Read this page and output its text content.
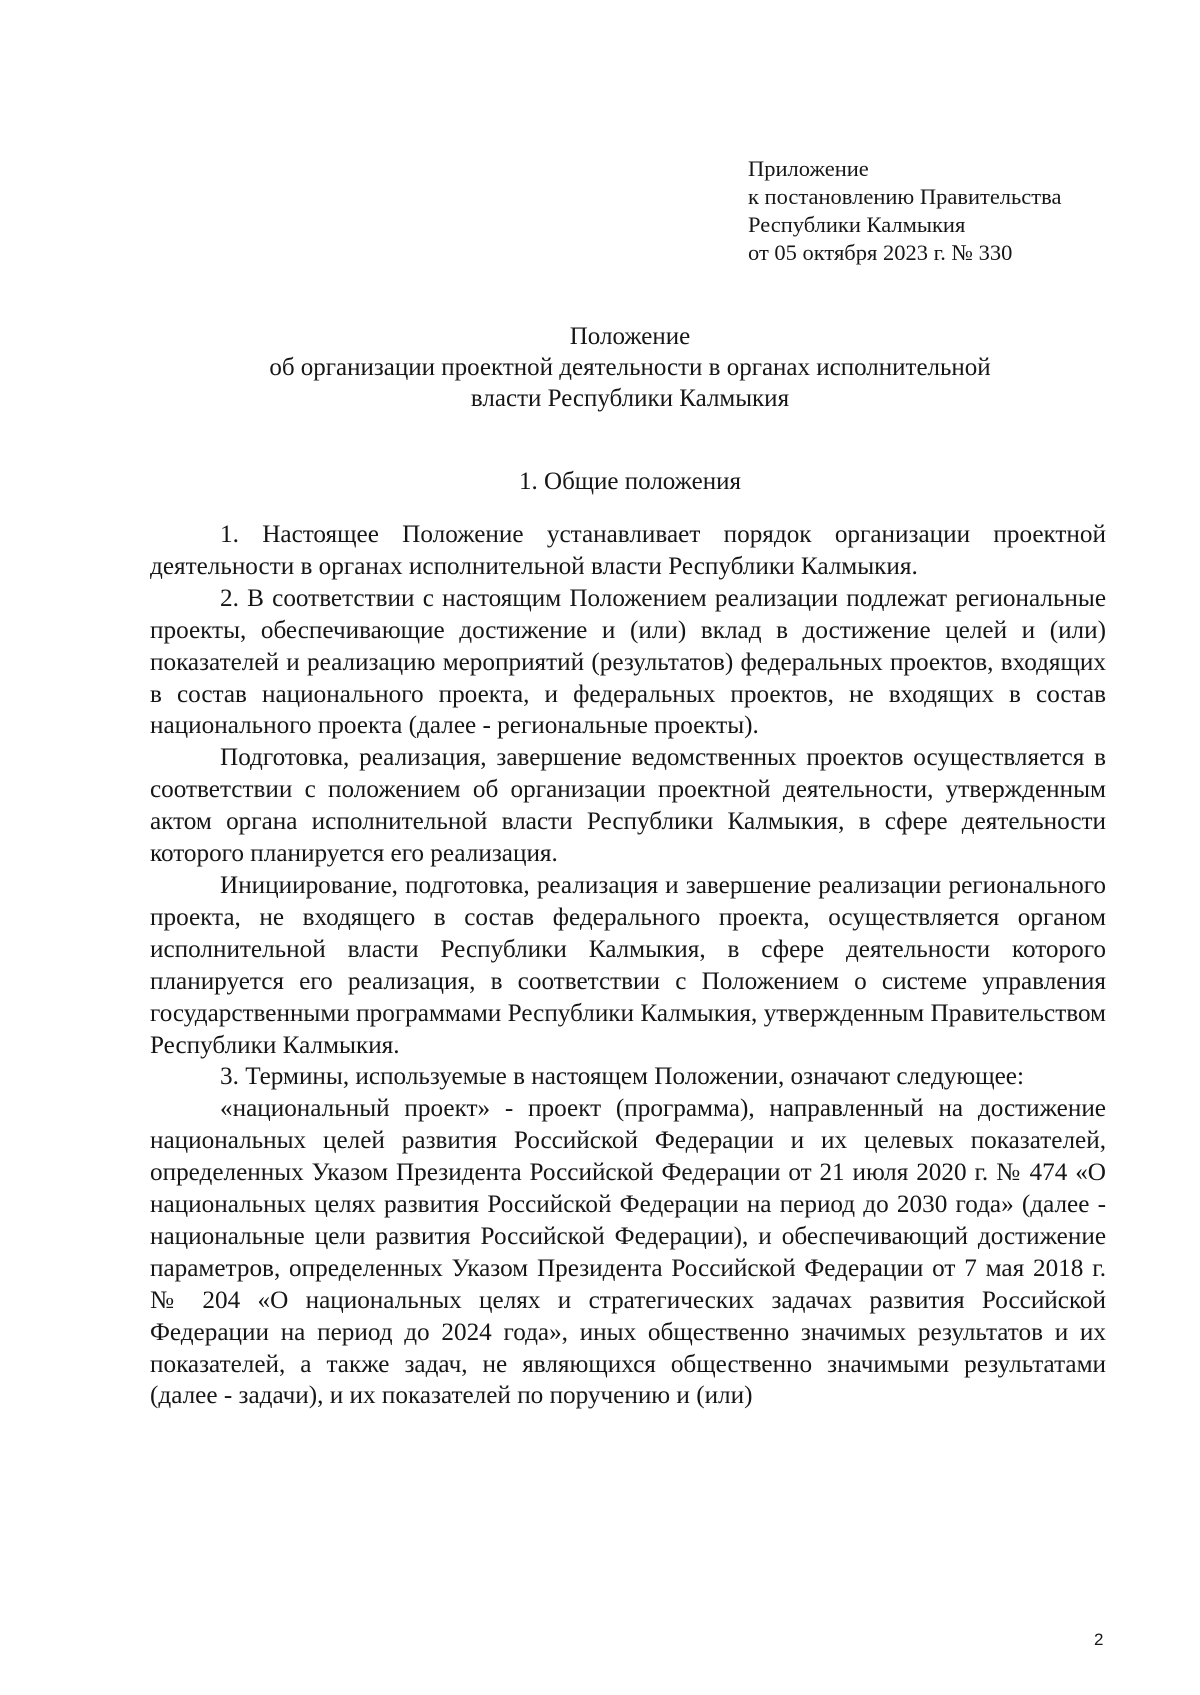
Приложение
к постановлению Правительства
Республики Калмыкия
от 05 октября 2023 г. № 330
Положение
об организации проектной деятельности в органах исполнительной
власти Республики Калмыкия
1. Общие положения

1. Настоящее Положение устанавливает порядок организации проектной деятельности в органах исполнительной власти Республики Калмыкия.

2. В соответствии с настоящим Положением реализации подлежат региональные проекты, обеспечивающие достижение и (или) вклад в достижение целей и (или) показателей и реализацию мероприятий (результатов) федеральных проектов, входящих в состав национального проекта, и федеральных проектов, не входящих в состав национального проекта (далее - региональные проекты).

Подготовка, реализация, завершение ведомственных проектов осуществляется в соответствии с положением об организации проектной деятельности, утвержденным актом органа исполнительной власти Республики Калмыкия, в сфере деятельности которого планируется его реализация.

Инициирование, подготовка, реализация и завершение реализации регионального проекта, не входящего в состав федерального проекта, осуществляется органом исполнительной власти Республики Калмыкия, в сфере деятельности которого планируется его реализация, в соответствии с Положением о системе управления государственными программами Республики Калмыкия, утвержденным Правительством Республики Калмыкия.

3. Термины, используемые в настоящем Положении, означают следующее:

«национальный проект» - проект (программа), направленный на достижение национальных целей развития Российской Федерации и их целевых показателей, определенных Указом Президента Российской Федерации от 21 июля 2020 г. № 474 «О национальных целях развития Российской Федерации на период до 2030 года» (далее - национальные цели развития Российской Федерации), и обеспечивающий достижение параметров, определенных Указом Президента Российской Федерации от 7 мая 2018 г. № 204 «О национальных целях и стратегических задачах развития Российской Федерации на период до 2024 года», иных общественно значимых результатов и их показателей, а также задач, не являющихся общественно значимыми результатами (далее - задачи), и их показателей по поручению и (или)

2
